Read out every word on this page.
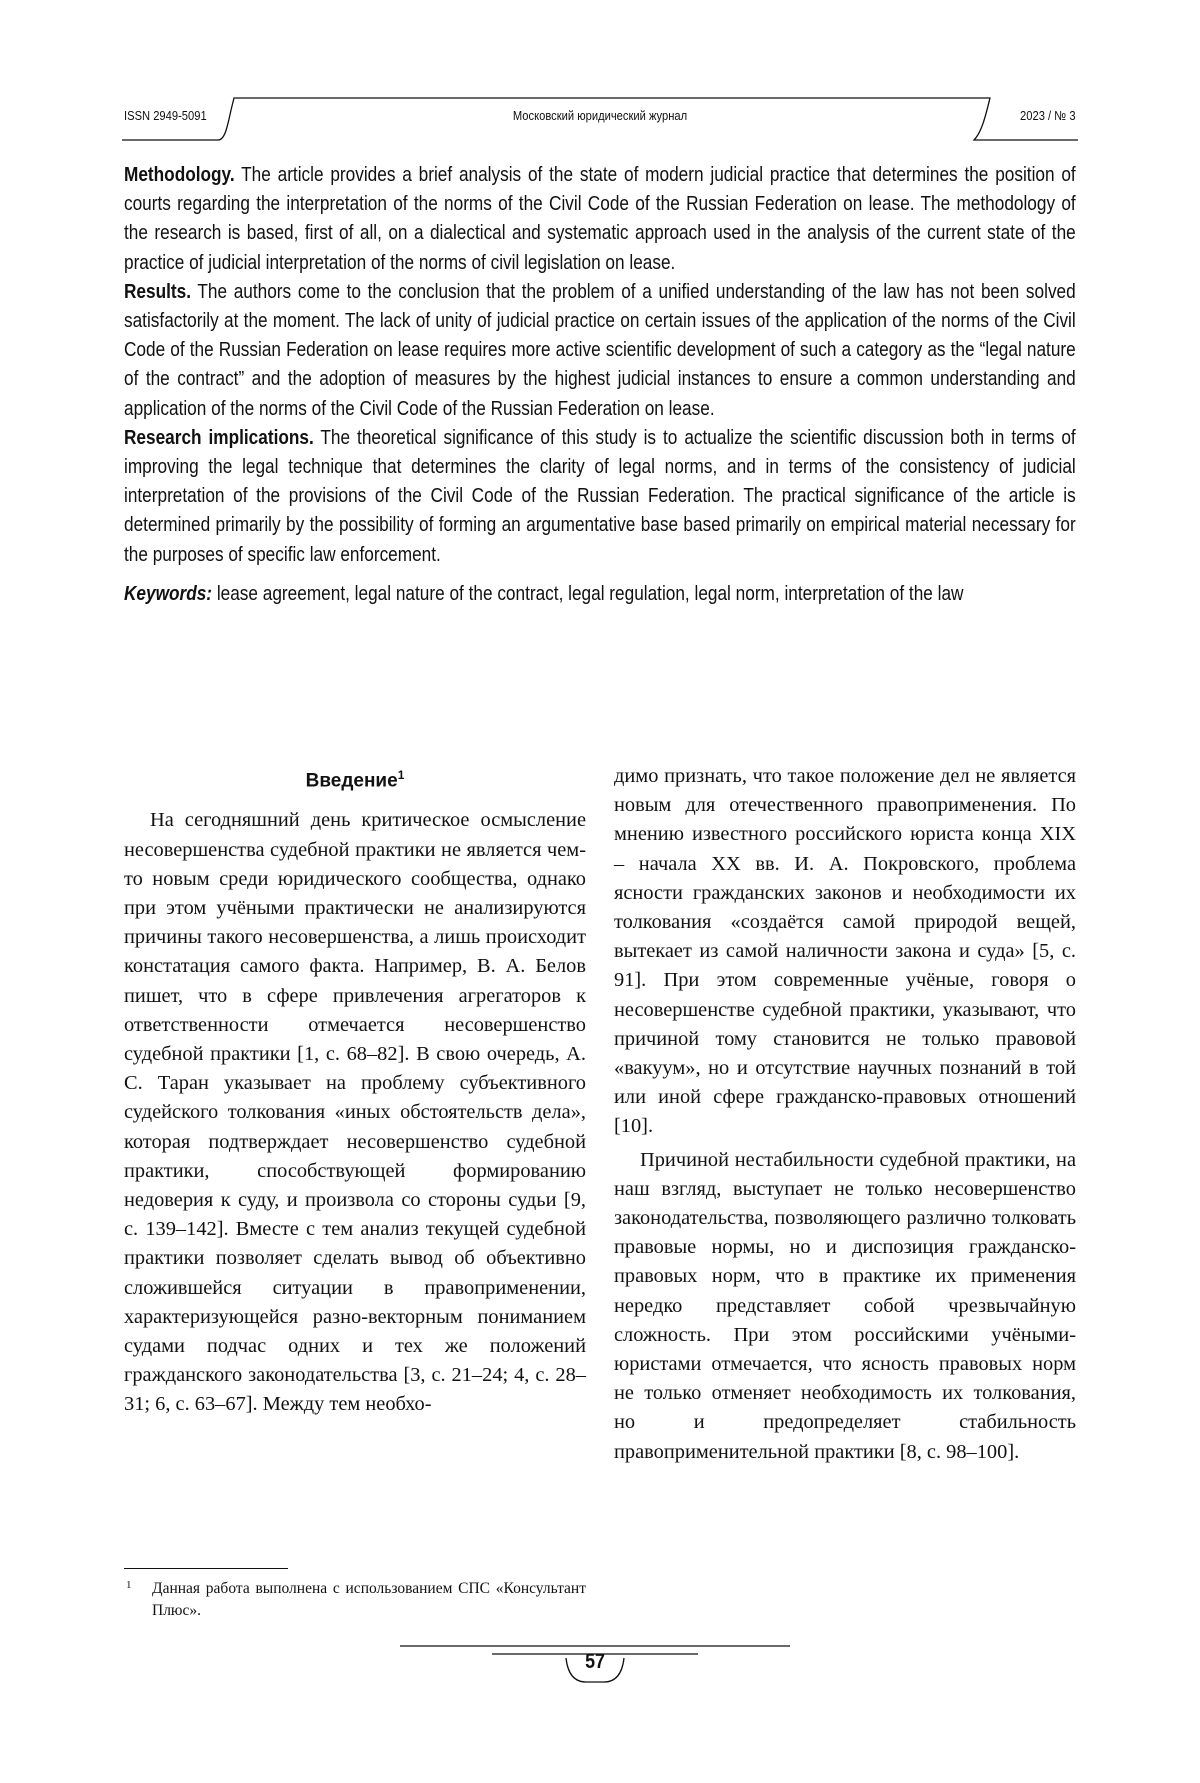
ISSN 2949-5091	Московский юридический журнал	2023 / № 3

Methodology. The article provides a brief analysis of the state of modern judicial practice that determines the position of courts regarding the interpretation of the norms of the Civil Code of the Russian Federation on lease. The methodology of the research is based, first of all, on a dialectical and systematic approach used in the analysis of the current state of the practice of judicial interpretation of the norms of civil legislation on lease.

Results. The authors come to the conclusion that the problem of a unified understanding of the law has not been solved satisfactorily at the moment. The lack of unity of judicial practice on certain issues of the application of the norms of the Civil Code of the Russian Federation on lease requires more active scientific development of such a category as the “legal nature of the contract” and the adoption of measures by the highest judicial instances to ensure a common understanding and application of the norms of the Civil Code of the Russian Federation on lease.

Research implications. The theoretical significance of this study is to actualize the scientific discussion both in terms of improving the legal technique that determines the clarity of legal norms, and in terms of the consistency of judicial interpretation of the provisions of the Civil Code of the Russian Federation. The practical significance of the article is determined primarily by the possibility of forming an argumentative base based primarily on empirical material necessary for the purposes of specific law enforcement.

Keywords: lease agreement, legal nature of the contract, legal regulation, legal norm, interpretation of the law

Введение$^1$

На сегодняшний день критическое осмысление несовершенства судебной практики не является чем-то новым среди юридического сообщества, однако при этом учёными практически не анализируются причины такого несовершенства, а лишь происходит констатация самого факта. Например, В. А. Белов пишет, что в сфере привлечения агрегаторов к ответственности отмечается несовершенство судебной практики [1, с. 68–82]. В свою очередь, А. С. Таран указывает на проблему субъективного судейского толкования «иных обстоятельств дела», которая подтверждает несовершенство судебной практики, способствующей формированию недоверия к суду, и произвола со стороны судьи [9, с. 139–142]. Вместе с тем анализ текущей судебной практики позволяет сделать вывод об объективно сложившейся ситуации в правоприменении, характеризующейся разно-векторным пониманием судами подчас одних и тех же положений гражданского законодательства [3, с. 21–24; 4, с. 28–31; 6, с. 63–67]. Между тем необхо-

димо признать, что такое положение дел не является новым для отечественного правоприменения. По мнению известного российского юриста конца XIX – начала XX вв. И. А. Покровского, проблема ясности гражданских законов и необходимости их толкования «создаётся самой природой вещей, вытекает из самой наличности закона и суда» [5, с. 91]. При этом современные учёные, говоря о несовершенстве судебной практики, указывают, что причиной тому становится не только правовой «вакуум», но и отсутствие научных познаний в той или иной сфере гражданско-правовых отношений [10].

Причиной нестабильности судебной практики, на наш взгляд, выступает не только несовершенство законодательства, позволяющего различно толковать правовые нормы, но и диспозиция гражданско-правовых норм, что в практике их применения нередко представляет собой чрезвычайную сложность. При этом российскими учёными-юристами отмечается, что ясность правовых норм не только отменяет необходимость их толкования, но и предопределяет стабильность правоприменительной практики [8, с. 98–100].

1	Данная работа выполнена с использованием СПС «Консультант Плюс».
57
